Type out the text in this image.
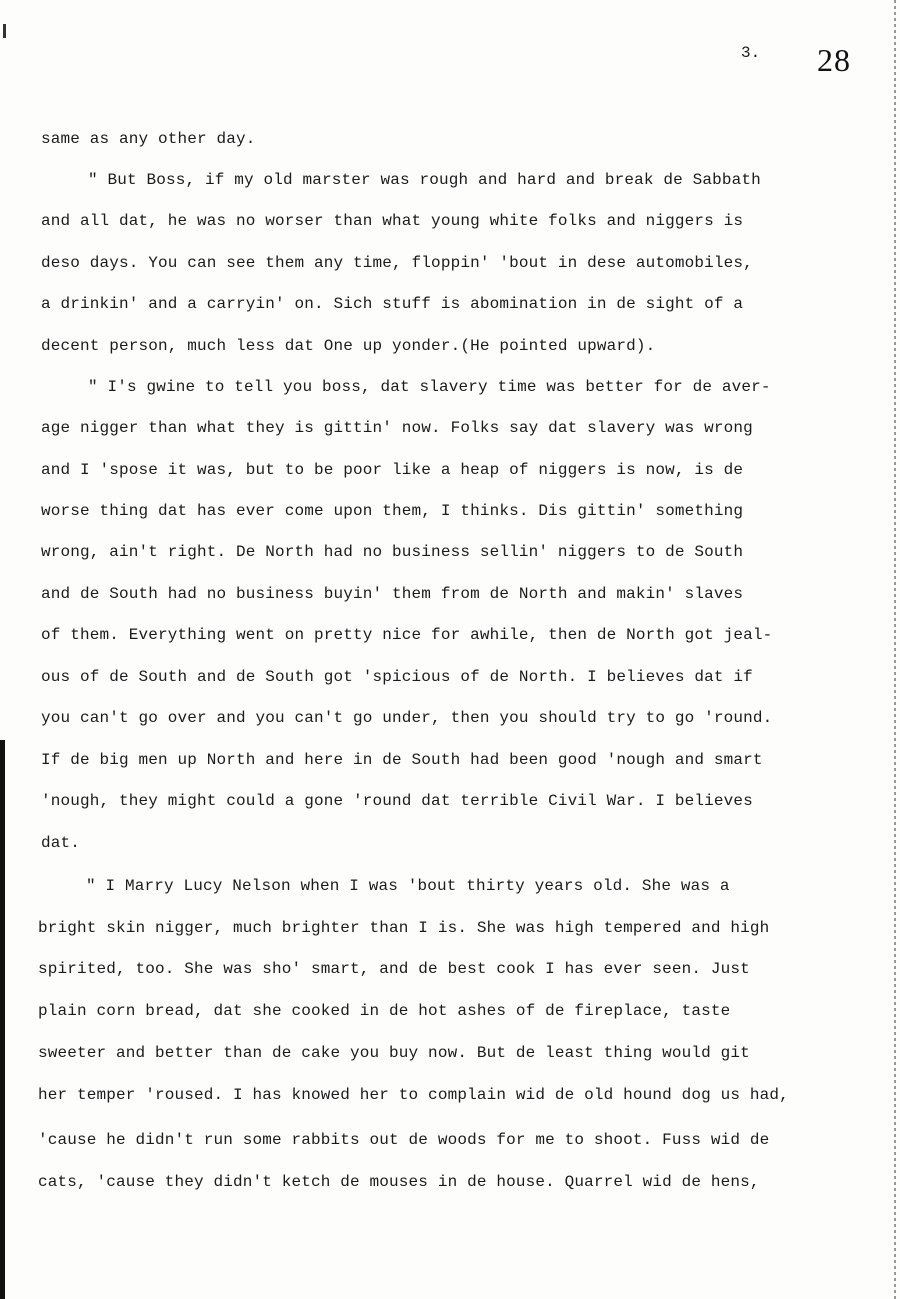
3. 28
same as any other day.
" But Boss, if my old marster was rough and hard and break de Sabbath
and all dat, he was no worser than what young white folks and niggers is
deso days. You can see them any time, floppin' 'bout in dese automobiles,
a drinkin' and a carryin' on. Sich stuff is abomination in de sight of a
decent person, much less dat One up yonder.(He pointed upward).
" I's gwine to tell you boss, dat slavery time was better for de aver-
age nigger than what they is gittin' now. Folks say dat slavery was wrong
and I 'spose it was, but to be poor like a heap of niggers is now, is de
worse thing dat has ever come upon them, I thinks. Dis gittin' something
wrong, ain't right. De North had no business sellin' niggers to de South
and de South had no business buyin' them from de North and makin' slaves
of them. Everything went on pretty nice for awhile, then de North got jeal-
ous of de South and de South got 'spicious of de North. I believes dat if
you can't go over and you can't go under, then you should try to go 'round.
If de big men up North and here in de South had been good 'nough and smart
'nough, they might could a gone 'round dat terrible Civil War. I believes
dat.
" I Marry Lucy Nelson when I was 'bout thirty years old. She was a
bright skin nigger, much brighter than I is. She was high tempered and high
spirited, too. She was sho' smart, and de best cook I has ever seen. Just
plain corn bread, dat she cooked in de hot ashes of de fireplace, taste
sweeter and better than de cake you buy now. But de least thing would git
her temper 'roused. I has knowed her to complain wid de old hound dog us had,
'cause he didn't run some rabbits out de woods for me to shoot. Fuss wid de
cats, 'cause they didn't ketch de mouses in de house. Quarrel wid de hens,
